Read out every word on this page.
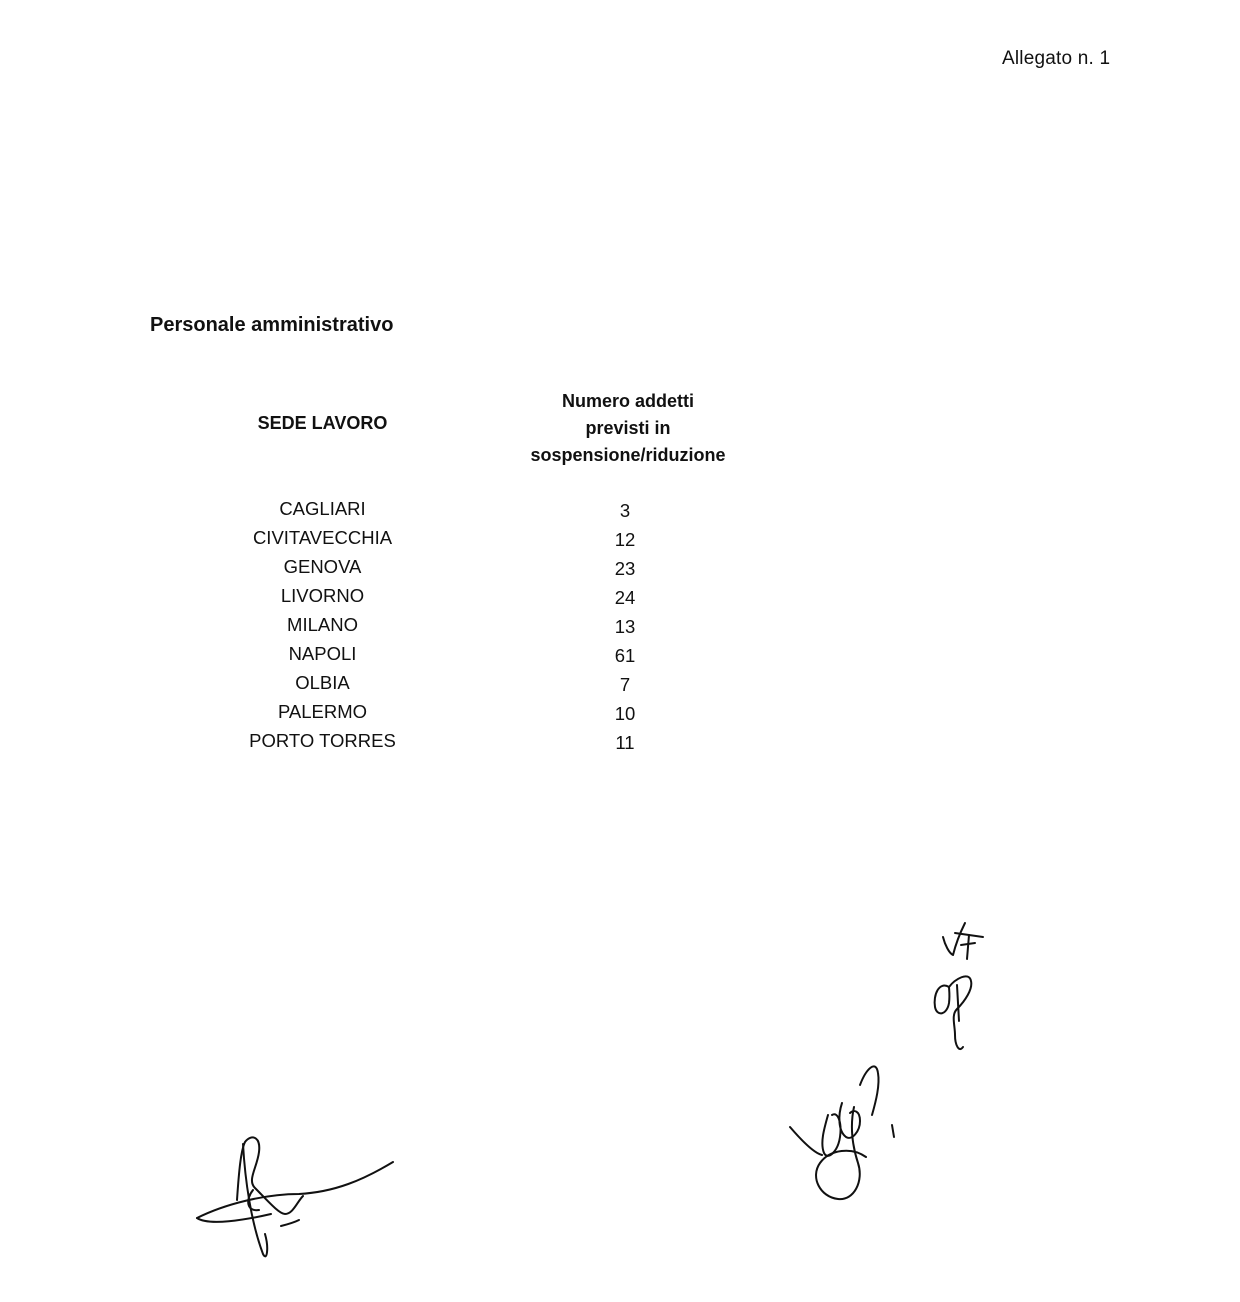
Allegato n. 1
Personale amministrativo
SEDE LAVORO
Numero addetti
previsti in
sospensione/riduzione
CAGLIARI	3
CIVITAVECCHIA	12
GENOVA	23
LIVORNO	24
MILANO	13
NAPOLI	61
OLBIA	7
PALERMO	10
PORTO TORRES	11
